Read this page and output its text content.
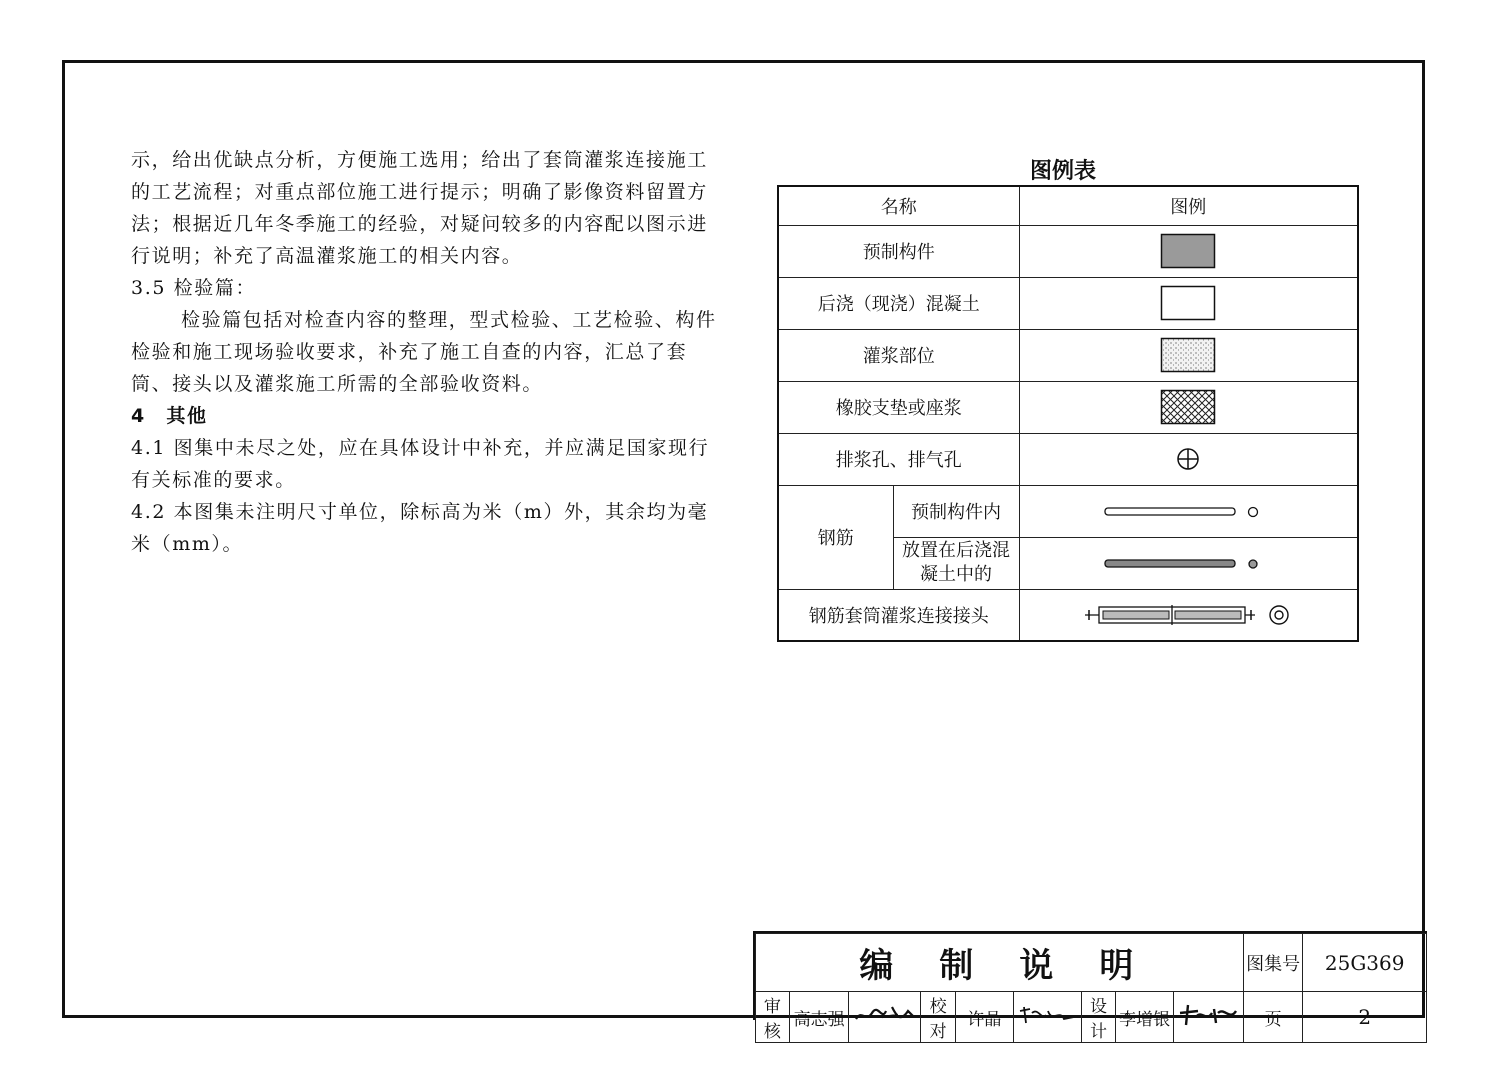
示，给出优缺点分析，方便施工选用；给出了套筒灌浆连接施工的工艺流程；对重点部位施工进行提示；明确了影像资料留置方法；根据近几年冬季施工的经验，对疑问较多的内容配以图示进行说明；补充了高温灌浆施工的相关内容。

3.5 检验篇：

检验篇包括对检查内容的整理，型式检验、工艺检验、构件检验和施工现场验收要求，补充了施工自查的内容，汇总了套筒、接头以及灌浆施工所需的全部验收资料。

4　其他

4.1 图集中未尽之处，应在具体设计中补充，并应满足国家现行有关标准的要求。

4.2 本图集未注明尺寸单位，除标高为米（m）外，其余均为毫米（mm）。

图例表
名称		图例
预制构件	
后浇（现浇）混凝土	
灌浆部位	
橡胶支垫或座浆	
排浆孔、排气孔	
钢筋	预制构件内	
	放置在后浇混凝土中的	
钢筋套筒灌浆连接接头	
编　制　说　明									图集号	25G369
审核	高志强		校对	许晶		设计	李增银		页	2
